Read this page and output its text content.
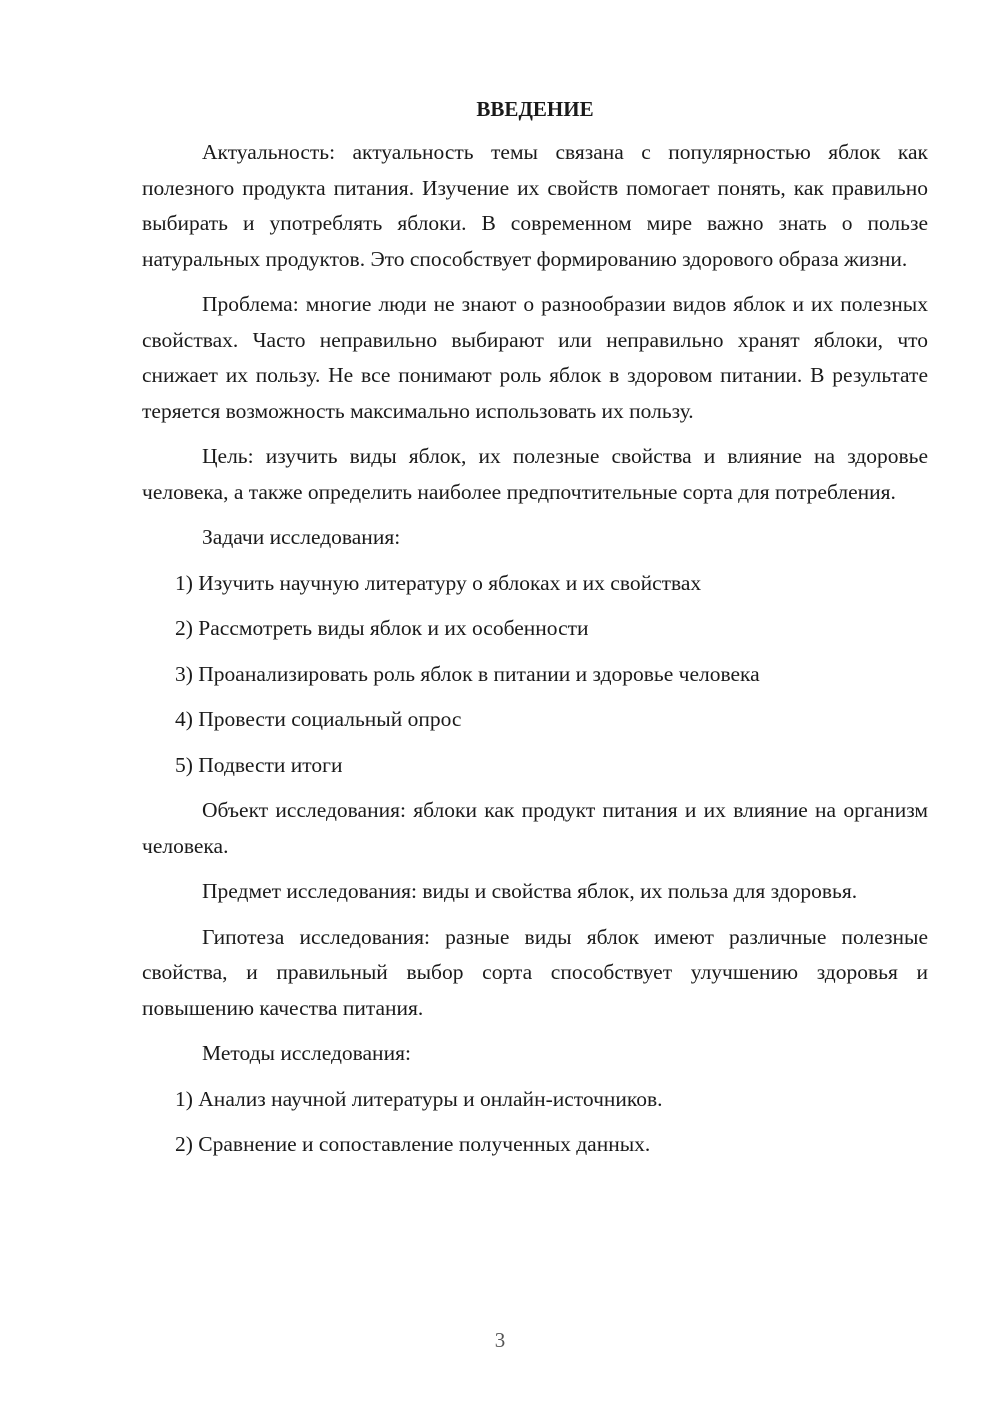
ВВЕДЕНИЕ

Актуальность: актуальность темы связана с популярностью яблок как полезного продукта питания. Изучение их свойств помогает понять, как правильно выбирать и употреблять яблоки. В современном мире важно знать о пользе натуральных продуктов. Это способствует формированию здорового образа жизни.

Проблема: многие люди не знают о разнообразии видов яблок и их полезных свойствах. Часто неправильно выбирают или неправильно хранят яблоки, что снижает их пользу. Не все понимают роль яблок в здоровом питании. В результате теряется возможность максимально использовать их пользу.

Цель: изучить виды яблок, их полезные свойства и влияние на здоровье человека, а также определить наиболее предпочтительные сорта для потребления.

Задачи исследования:

1) Изучить научную литературу о яблоках и их свойствах

2) Рассмотреть виды яблок и их особенности

3) Проанализировать роль яблок в питании и здоровье человека

4) Провести социальный опрос

5) Подвести итоги

Объект исследования: яблоки как продукт питания и их влияние на организм человека.

Предмет исследования: виды и свойства яблок, их польза для здоровья.

Гипотеза исследования: разные виды яблок имеют различные полезные свойства, и правильный выбор сорта способствует улучшению здоровья и повышению качества питания.

Методы исследования:

1) Анализ научной литературы и онлайн-источников.

2) Сравнение и сопоставление полученных данных.

3
